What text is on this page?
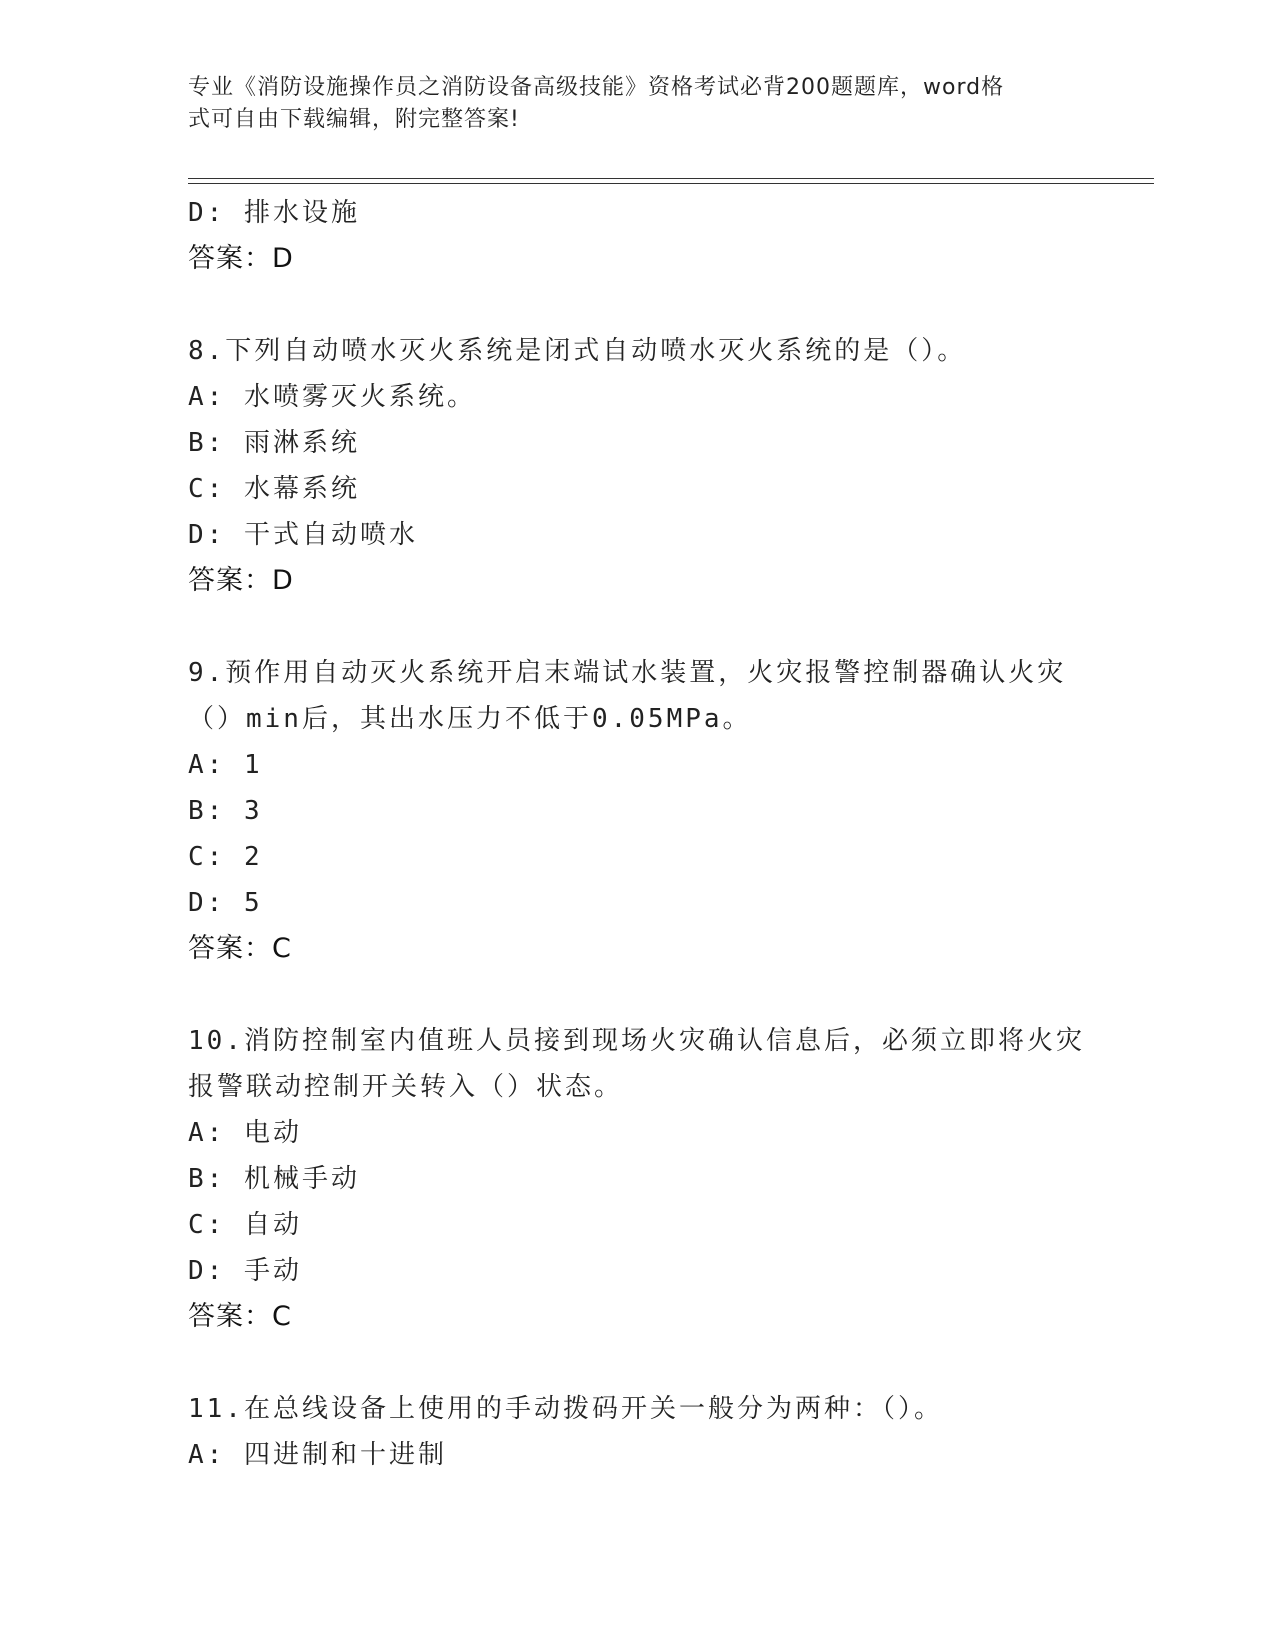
专业《消防设施操作员之消防设备高级技能》资格考试必背200题题库，word格
式可自由下载编辑，附完整答案!
D: 排水设施
答案：D
8.下列自动喷水灭火系统是闭式自动喷水灭火系统的是（）。
A: 水喷雾灭火系统。
B: 雨淋系统
C: 水幕系统
D: 干式自动喷水
答案：D
9.预作用自动灭火系统开启末端试水装置，火灾报警控制器确认火灾
（）min后，其出水压力不低于0.05MPa。
A: 1
B: 3
C: 2
D: 5
答案：C
10.消防控制室内值班人员接到现场火灾确认信息后，必须立即将火灾
报警联动控制开关转入（）状态。
A: 电动
B: 机械手动
C: 自动
D: 手动
答案：C
11.在总线设备上使用的手动拨码开关一般分为两种：（）。
A: 四进制和十进制
